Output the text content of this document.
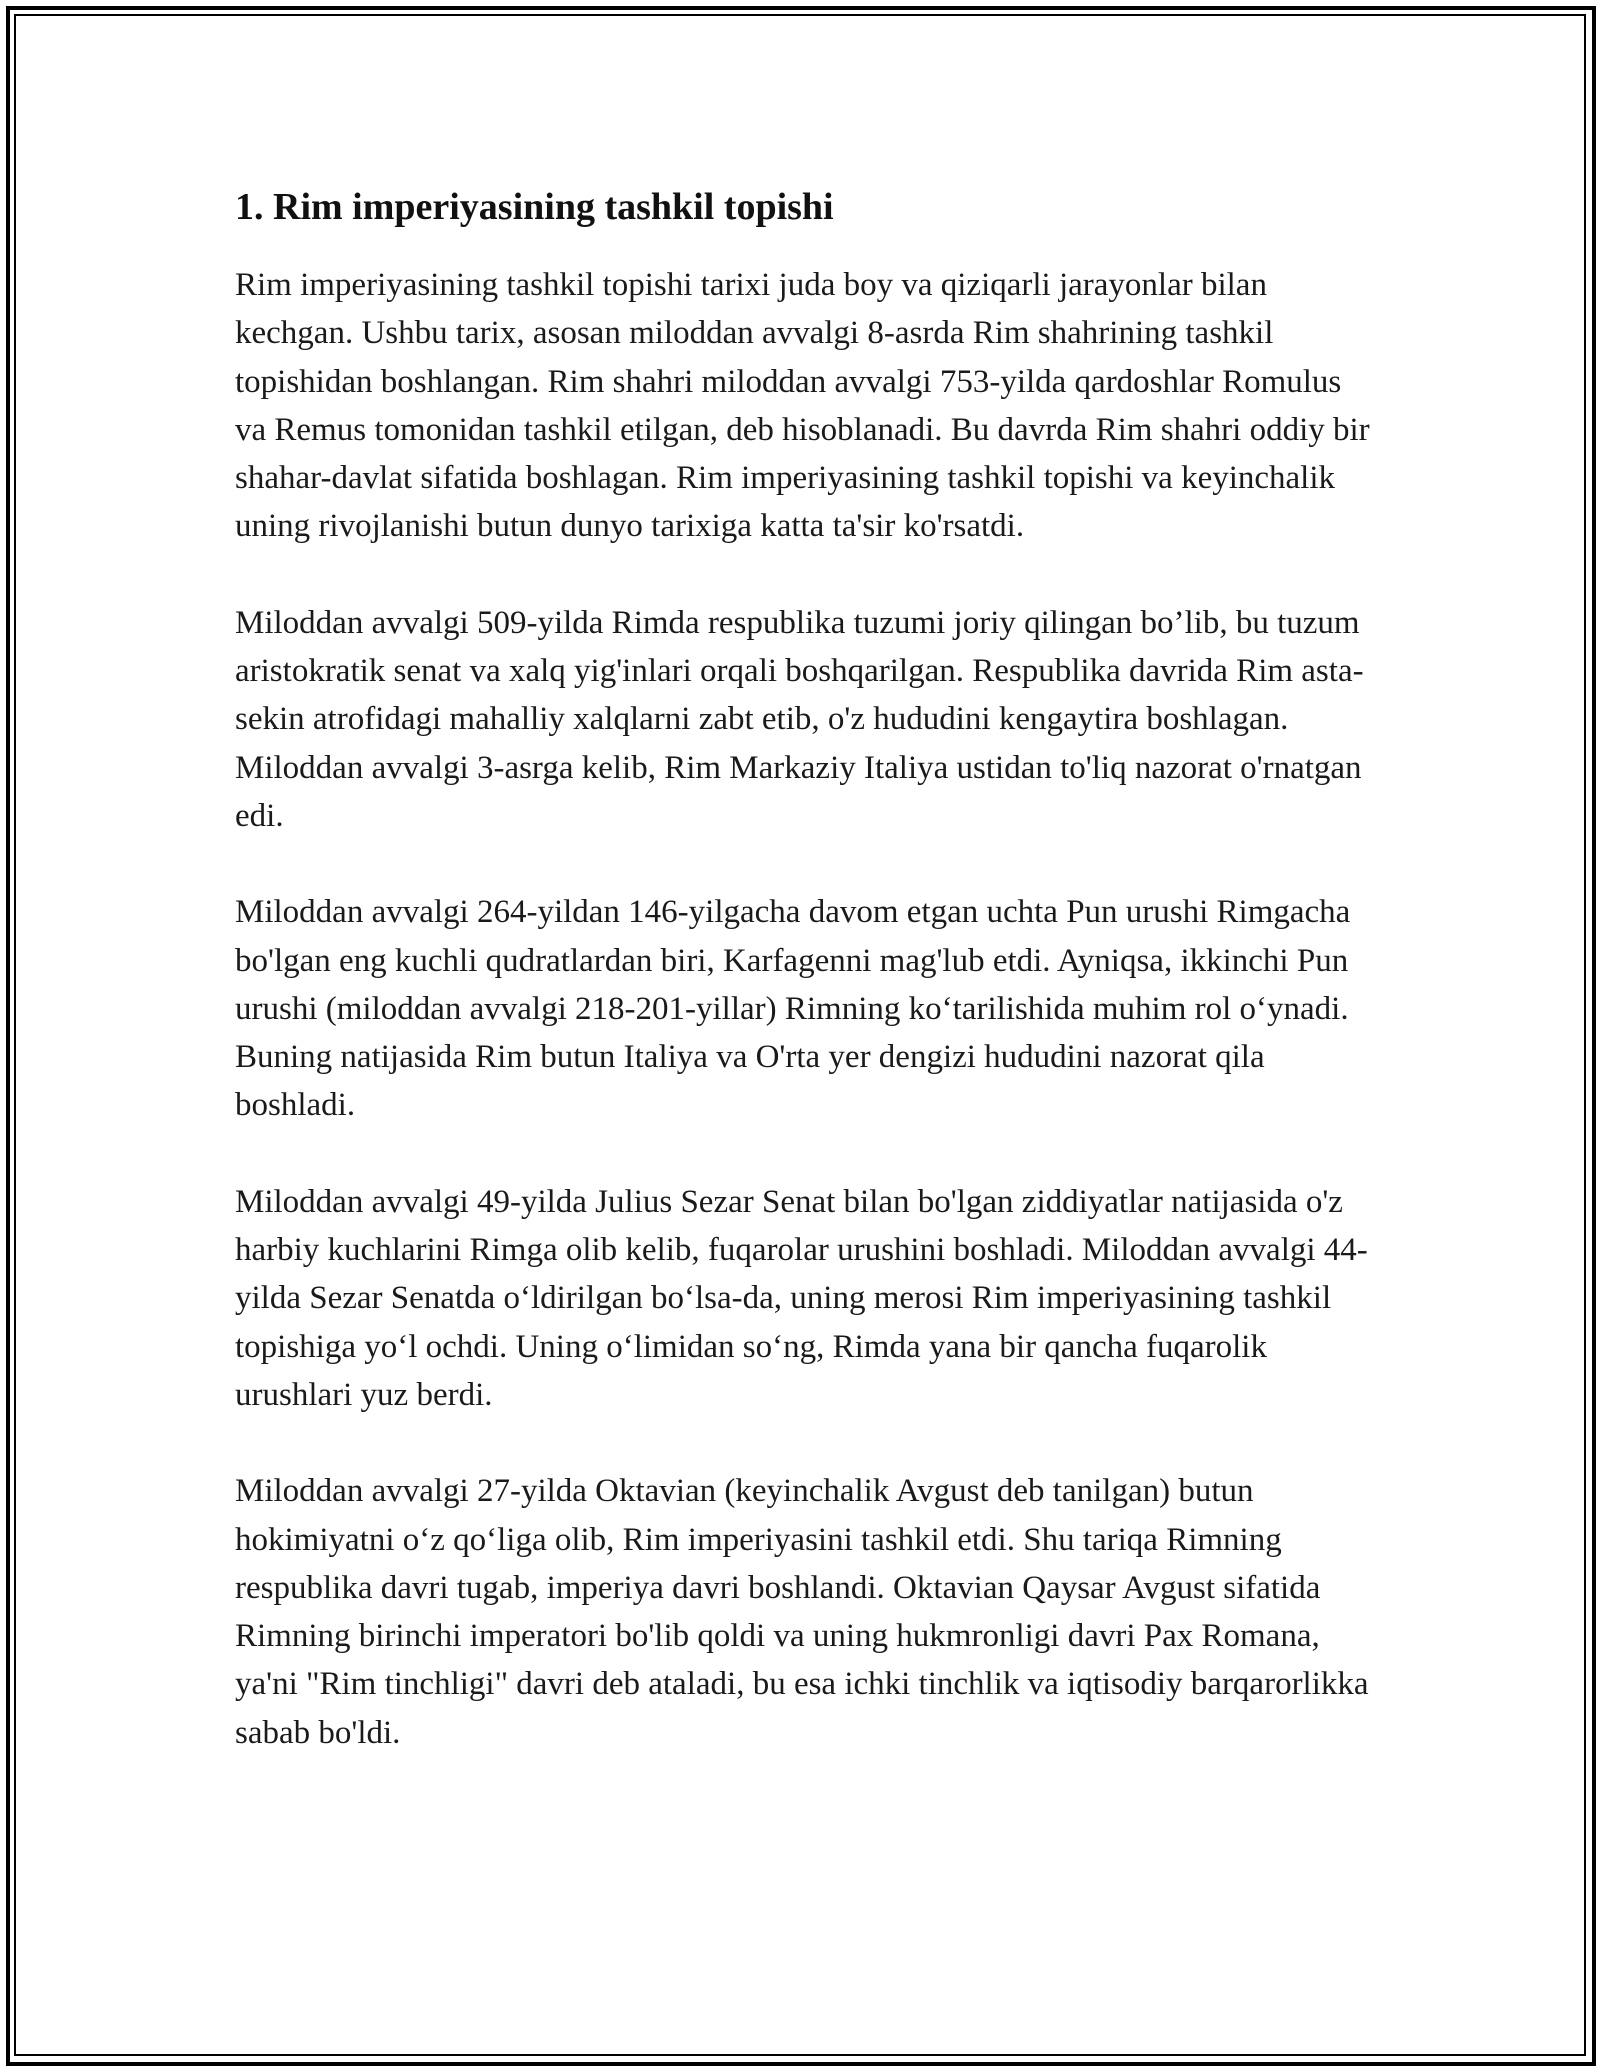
1. Rim imperiyasining tashkil topishi

Rim imperiyasining tashkil topishi tarixi juda boy va qiziqarli jarayonlar bilan kechgan. Ushbu tarix, asosan miloddan avvalgi 8-asrda Rim shahrining tashkil topishidan boshlangan. Rim shahri miloddan avvalgi 753-yilda qardoshlar Romulus va Remus tomonidan tashkil etilgan, deb hisoblanadi. Bu davrda Rim shahri oddiy bir shahar-davlat sifatida boshlagan. Rim imperiyasining tashkil topishi va keyinchalik uning rivojlanishi butun dunyo tarixiga katta ta'sir ko'rsatdi.

Miloddan avvalgi 509-yilda Rimda respublika tuzumi joriy qilingan bo’lib, bu tuzum aristokratik senat va xalq yig'inlari orqali boshqarilgan. Respublika davrida Rim asta-sekin atrofidagi mahalliy xalqlarni zabt etib, o'z hududini kengaytira boshlagan. Miloddan avvalgi 3-asrga kelib, Rim Markaziy Italiya ustidan to'liq nazorat o'rnatgan edi.

Miloddan avvalgi 264-yildan 146-yilgacha davom etgan uchta Pun urushi Rimgacha bo'lgan eng kuchli qudratlardan biri, Karfagenni mag'lub etdi. Ayniqsa, ikkinchi Pun urushi (miloddan avvalgi 218-201-yillar) Rimning koʻtarilishida muhim rol oʻynadi. Buning natijasida Rim butun Italiya va O'rta yer dengizi hududini nazorat qila boshladi.

Miloddan avvalgi 49-yilda Julius Sezar Senat bilan bo'lgan ziddiyatlar natijasida o'z harbiy kuchlarini Rimga olib kelib, fuqarolar urushini boshladi. Miloddan avvalgi 44-yilda Sezar Senatda oʻldirilgan boʻlsa-da, uning merosi Rim imperiyasining tashkil topishiga yoʻl ochdi. Uning oʻlimidan soʻng, Rimda yana bir qancha fuqarolik urushlari yuz berdi.

Miloddan avvalgi 27-yilda Oktavian (keyinchalik Avgust deb tanilgan) butun hokimiyatni oʻz qoʻliga olib, Rim imperiyasini tashkil etdi. Shu tariqa Rimning respublika davri tugab, imperiya davri boshlandi. Oktavian Qaysar Avgust sifatida Rimning birinchi imperatori bo'lib qoldi va uning hukmronligi davri Pax Romana, ya'ni "Rim tinchligi" davri deb ataladi, bu esa ichki tinchlik va iqtisodiy barqarorlikka sabab bo'ldi.
